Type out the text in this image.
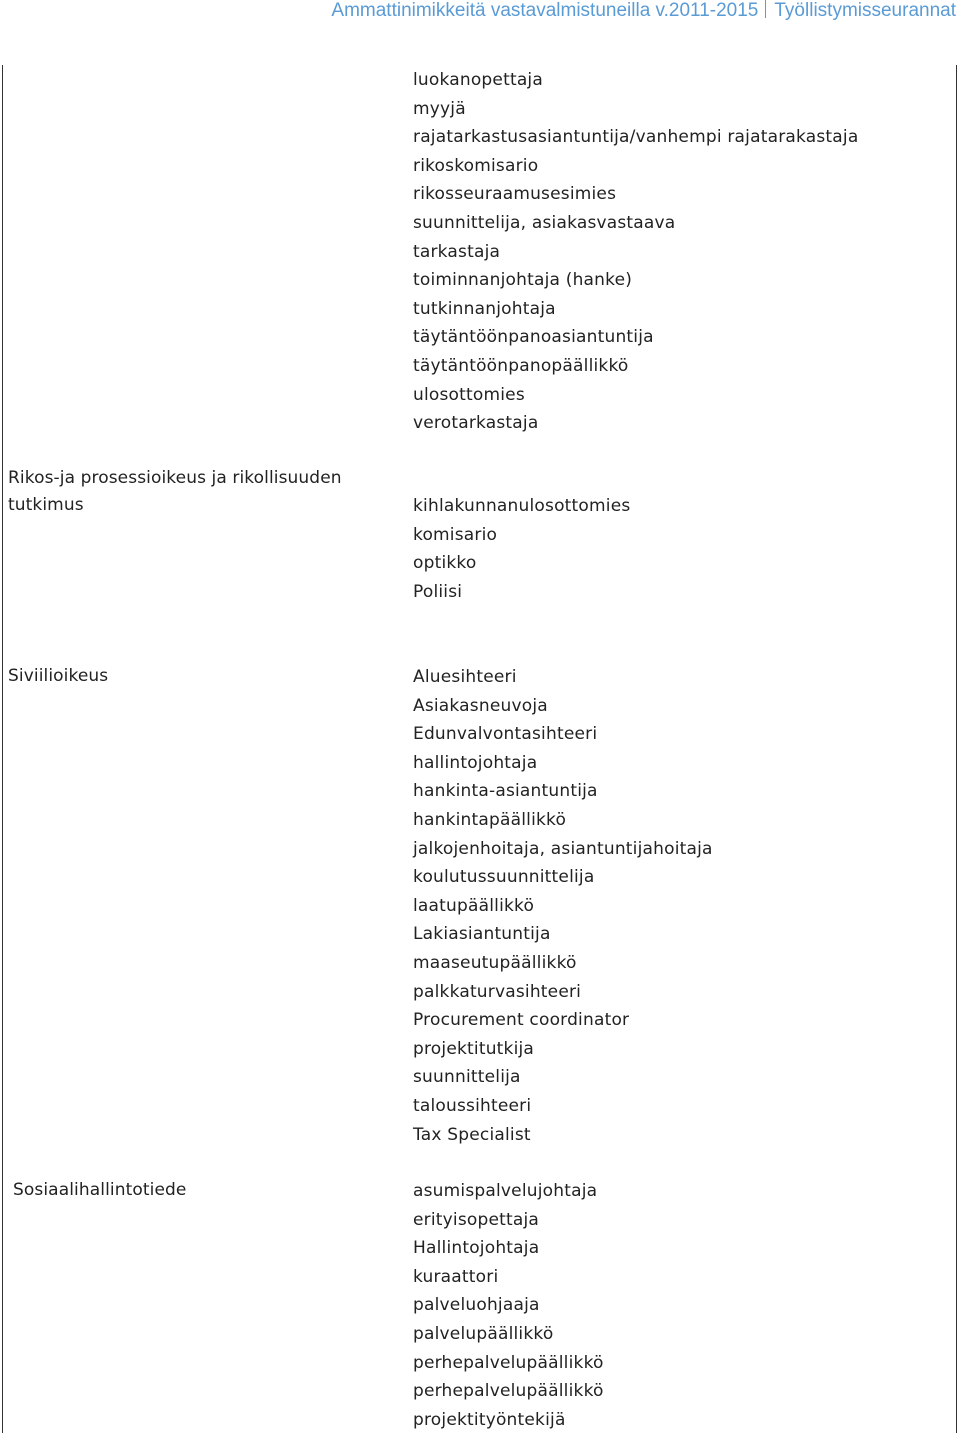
Ammattinimikkeitä vastavalmistuneilla v.2011-2015 Työllistymisseurannat
luokanopettaja
myyjä
rajatarkastusasiantuntija/vanhempi rajatarakastaja
rikoskomisario
rikosseuraamusesimies
suunnittelija, asiakasvastaava
tarkastaja
toiminnanjohtaja (hanke)
tutkinnanjohtaja
täytäntöönpanoasiantuntija
täytäntöönpanopäällikkö
ulosottomies
verotarkastaja
Rikos-ja prosessioikeus ja rikollisuuden tutkimus	kihlakunnanulosottomies
komisario
optikko
Poliisi
Siviilioikeus	Aluesihteeri
Asiakasneuvoja
Edunvalvontasihteeri
hallintojohtaja
hankinta-asiantuntija
hankintapäällikkö
jalkojenhoitaja, asiantuntijahoitaja
koulutussuunnittelija
laatupäällikkö
Lakiasiantuntija
maaseutupäällikkö
palkkaturvasihteeri
Procurement coordinator
projektitutkija
suunnittelija
taloussihteeri
Tax Specialist
Sosiaalihallintotiede	asumispalvelujohtaja
erityisopettaja
Hallintojohtaja
kuraattori
palveluohjaaja
palvelupäällikkö
perhepalvelupäällikkö
perhepalvelupäällikkö
projektityöntekijä
